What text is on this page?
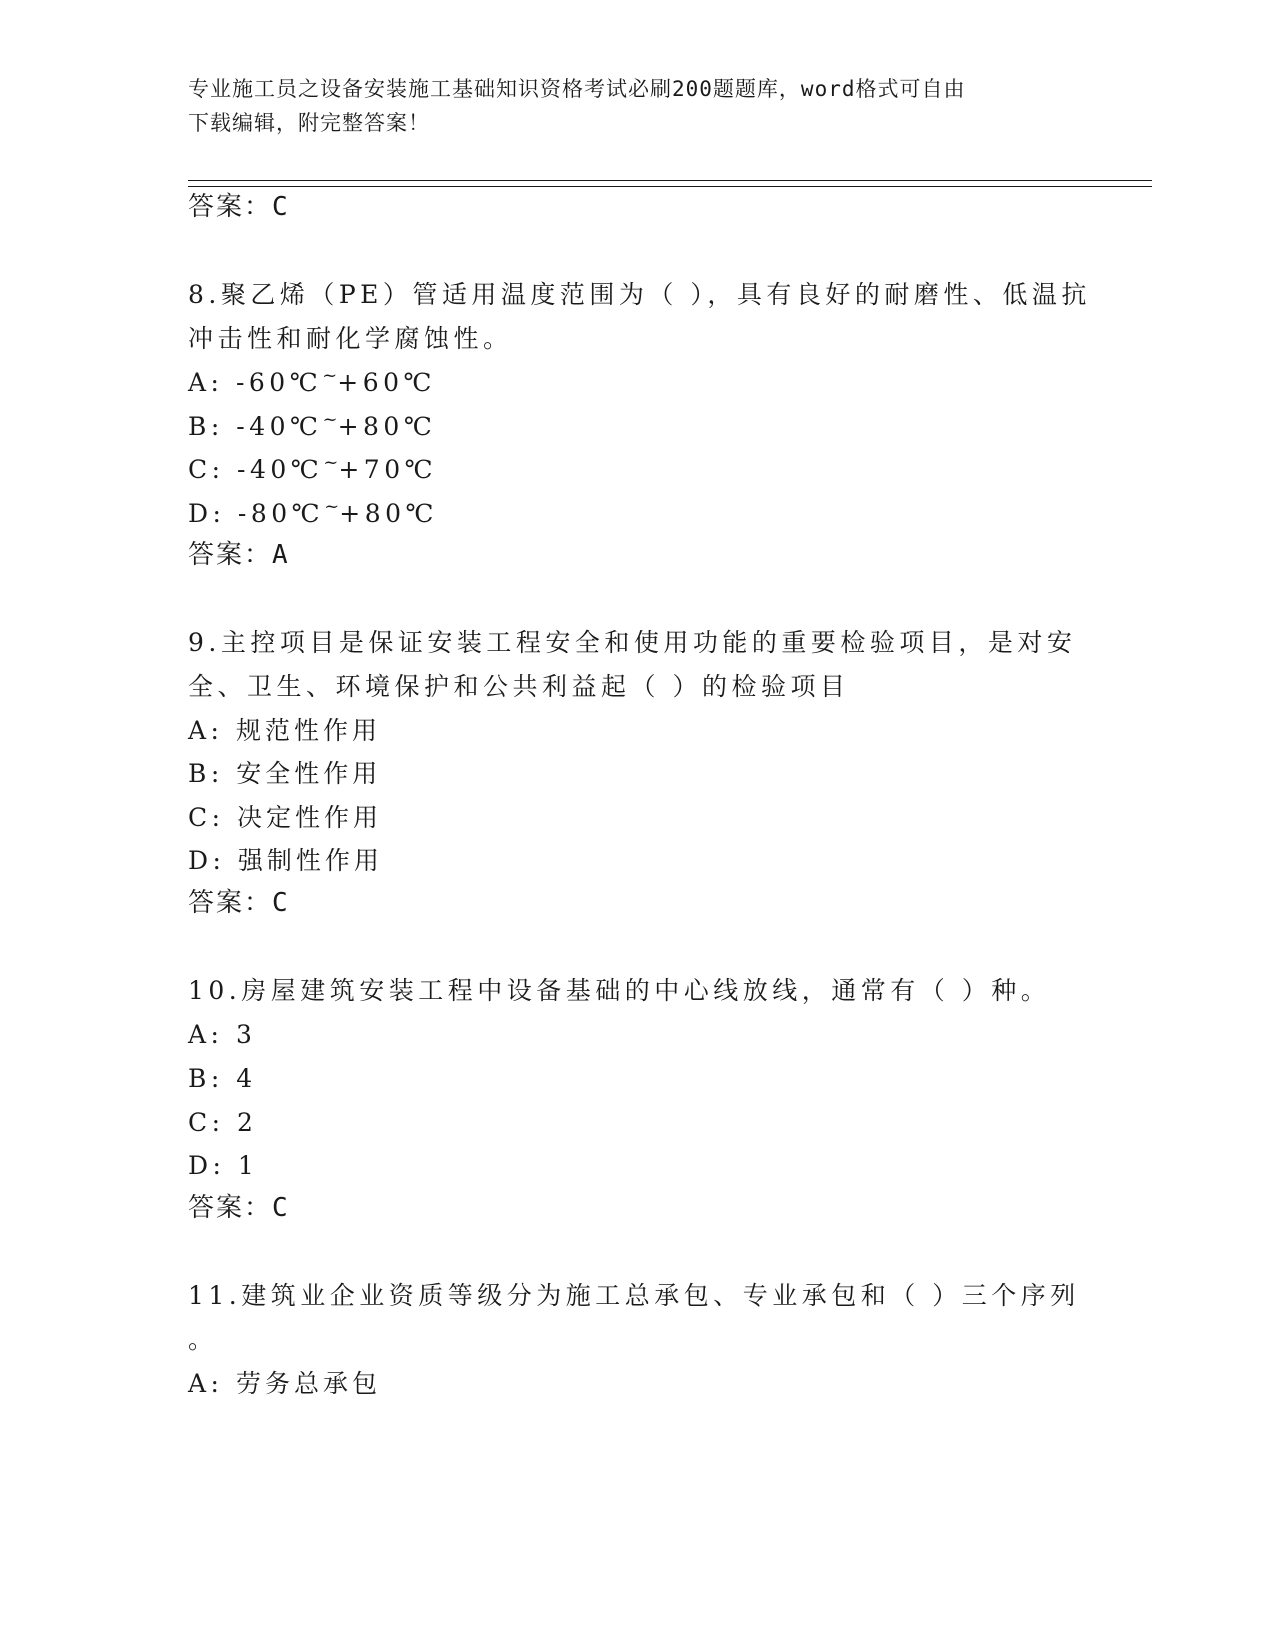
专业施工员之设备安装施工基础知识资格考试必刷200题题库，word格式可自由
下载编辑，附完整答案！
答案：C
8.聚乙烯（PE）管适用温度范围为（ ），具有良好的耐磨性、低温抗
冲击性和耐化学腐蚀性。
A: -60℃~+60℃
B: -40℃~+80℃
C: -40℃~+70℃
D: -80℃~+80℃
答案：A
9.主控项目是保证安装工程安全和使用功能的重要检验项目，是对安
全、卫生、环境保护和公共利益起（ ）的检验项目
A: 规范性作用
B: 安全性作用
C: 决定性作用
D: 强制性作用
答案：C
10.房屋建筑安装工程中设备基础的中心线放线，通常有（ ）种。
A: 3
B: 4
C: 2
D: 1
答案：C
11.建筑业企业资质等级分为施工总承包、专业承包和（ ）三个序列
。
A: 劳务总承包
